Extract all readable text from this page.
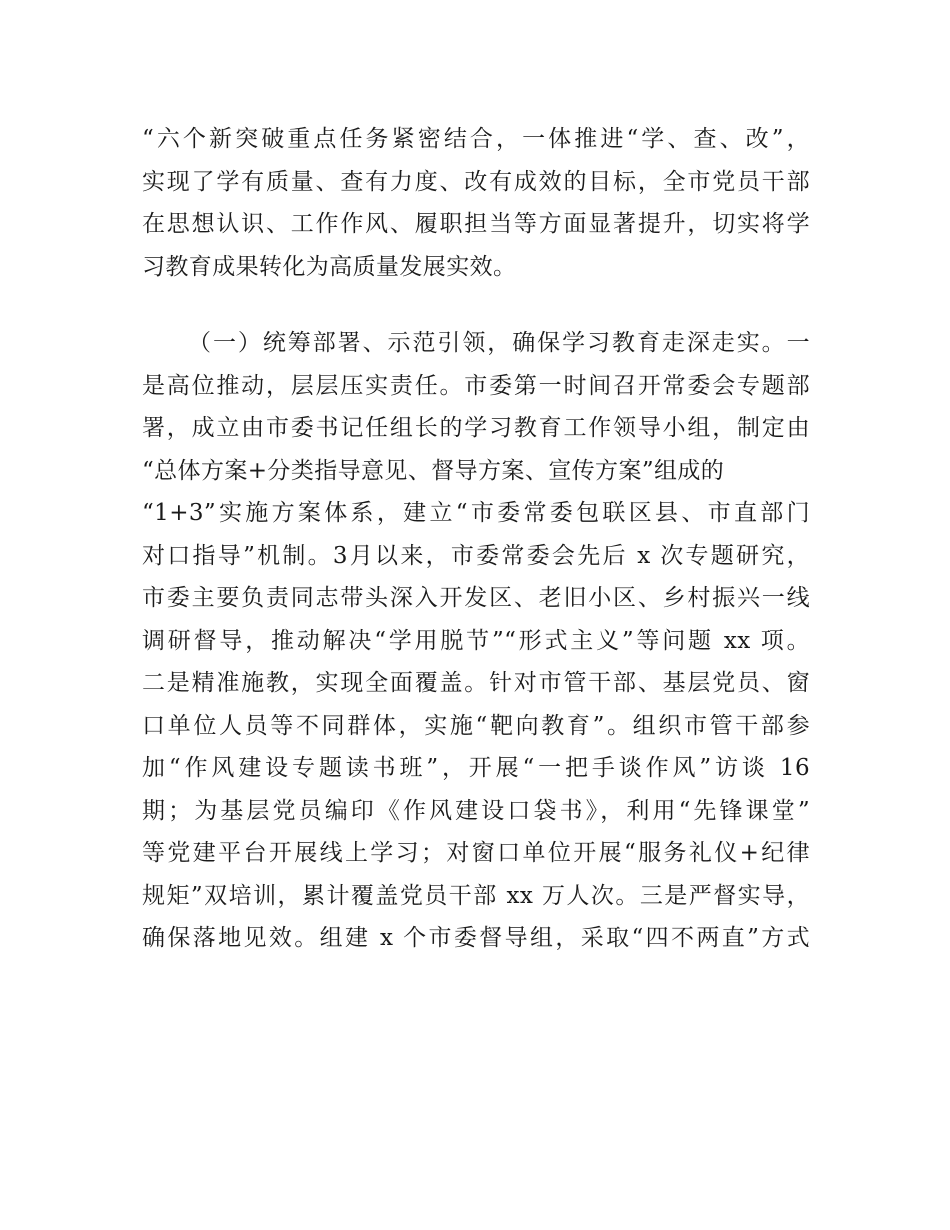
“六个新突破重点任务紧密结合，一体推进“学、查、改”，
实现了学有质量、查有力度、改有成效的目标，全市党员干部
在思想认识、工作作风、履职担当等方面显著提升，切实将学
习教育成果转化为高质量发展实效。
（一）统筹部署、示范引领，确保学习教育走深走实。一
是高位推动，层层压实责任。市委第一时间召开常委会专题部
署，成立由市委书记任组长的学习教育工作领导小组，制定由
“总体方案+分类指导意见、督导方案、宣传方案”组成的
“1+3”实施方案体系，建立“市委常委包联区县、市直部门
对口指导”机制。3月以来，市委常委会先后 x 次专题研究，
市委主要负责同志带头深入开发区、老旧小区、乡村振兴一线
调研督导，推动解决“学用脱节”“形式主义”等问题 xx 项。
二是精准施教，实现全面覆盖。针对市管干部、基层党员、窗
口单位人员等不同群体，实施“靶向教育”。组织市管干部参
加“作风建设专题读书班”，开展“一把手谈作风”访谈 16
期；为基层党员编印《作风建设口袋书》，利用“先锋课堂”
等党建平台开展线上学习；对窗口单位开展“服务礼仪+纪律
规矩”双培训，累计覆盖党员干部 xx 万人次。三是严督实导，
确保落地见效。组建 x 个市委督导组，采取“四不两直”方式
